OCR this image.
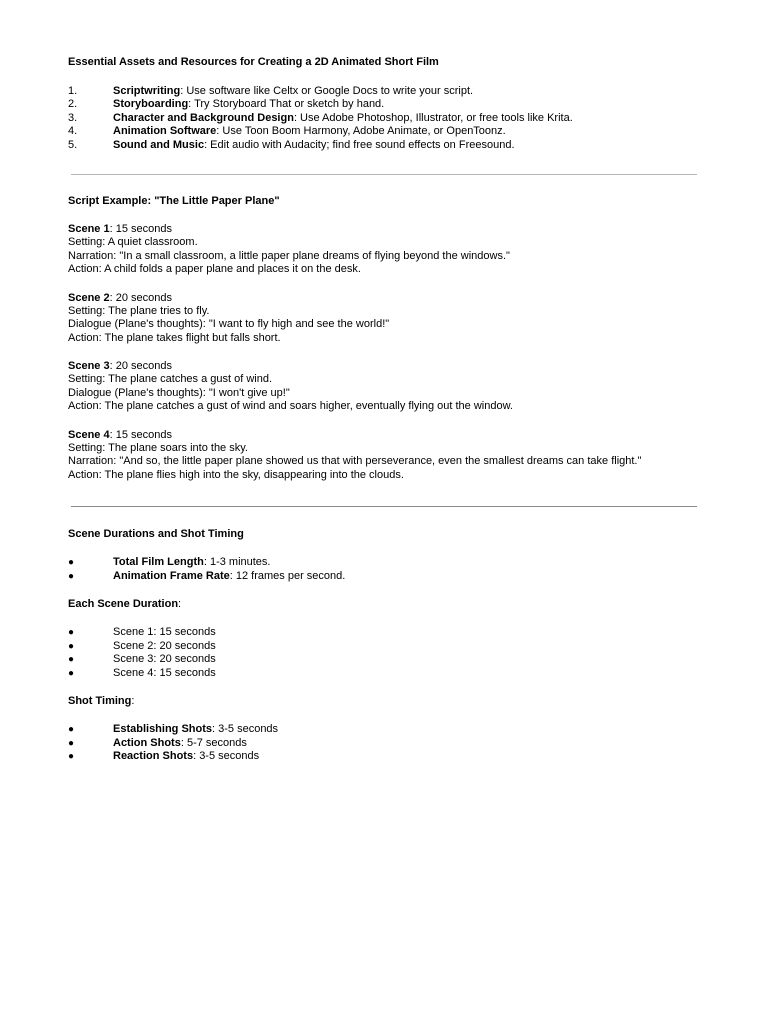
Essential Assets and Resources for Creating a 2D Animated Short Film
1.	Scriptwriting: Use software like Celtx or Google Docs to write your script.
2.	Storyboarding: Try Storyboard That or sketch by hand.
3.	Character and Background Design: Use Adobe Photoshop, Illustrator, or free tools like Krita.
4.	Animation Software: Use Toon Boom Harmony, Adobe Animate, or OpenToonz.
5.	Sound and Music: Edit audio with Audacity; find free sound effects on Freesound.
Script Example: "The Little Paper Plane"
Scene 1: 15 seconds
Setting: A quiet classroom.
Narration: "In a small classroom, a little paper plane dreams of flying beyond the windows."
Action: A child folds a paper plane and places it on the desk.
Scene 2: 20 seconds
Setting: The plane tries to fly.
Dialogue (Plane's thoughts): "I want to fly high and see the world!"
Action: The plane takes flight but falls short.
Scene 3: 20 seconds
Setting: The plane catches a gust of wind.
Dialogue (Plane's thoughts): "I won't give up!"
Action: The plane catches a gust of wind and soars higher, eventually flying out the window.
Scene 4: 15 seconds
Setting: The plane soars into the sky.
Narration: "And so, the little paper plane showed us that with perseverance, even the smallest dreams can take flight."
Action: The plane flies high into the sky, disappearing into the clouds.
Scene Durations and Shot Timing
●	Total Film Length: 1-3 minutes.
●	Animation Frame Rate: 12 frames per second.
Each Scene Duration:
●	Scene 1: 15 seconds
●	Scene 2: 20 seconds
●	Scene 3: 20 seconds
●	Scene 4: 15 seconds
Shot Timing:
●	Establishing Shots: 3-5 seconds
●	Action Shots: 5-7 seconds
●	Reaction Shots: 3-5 seconds
